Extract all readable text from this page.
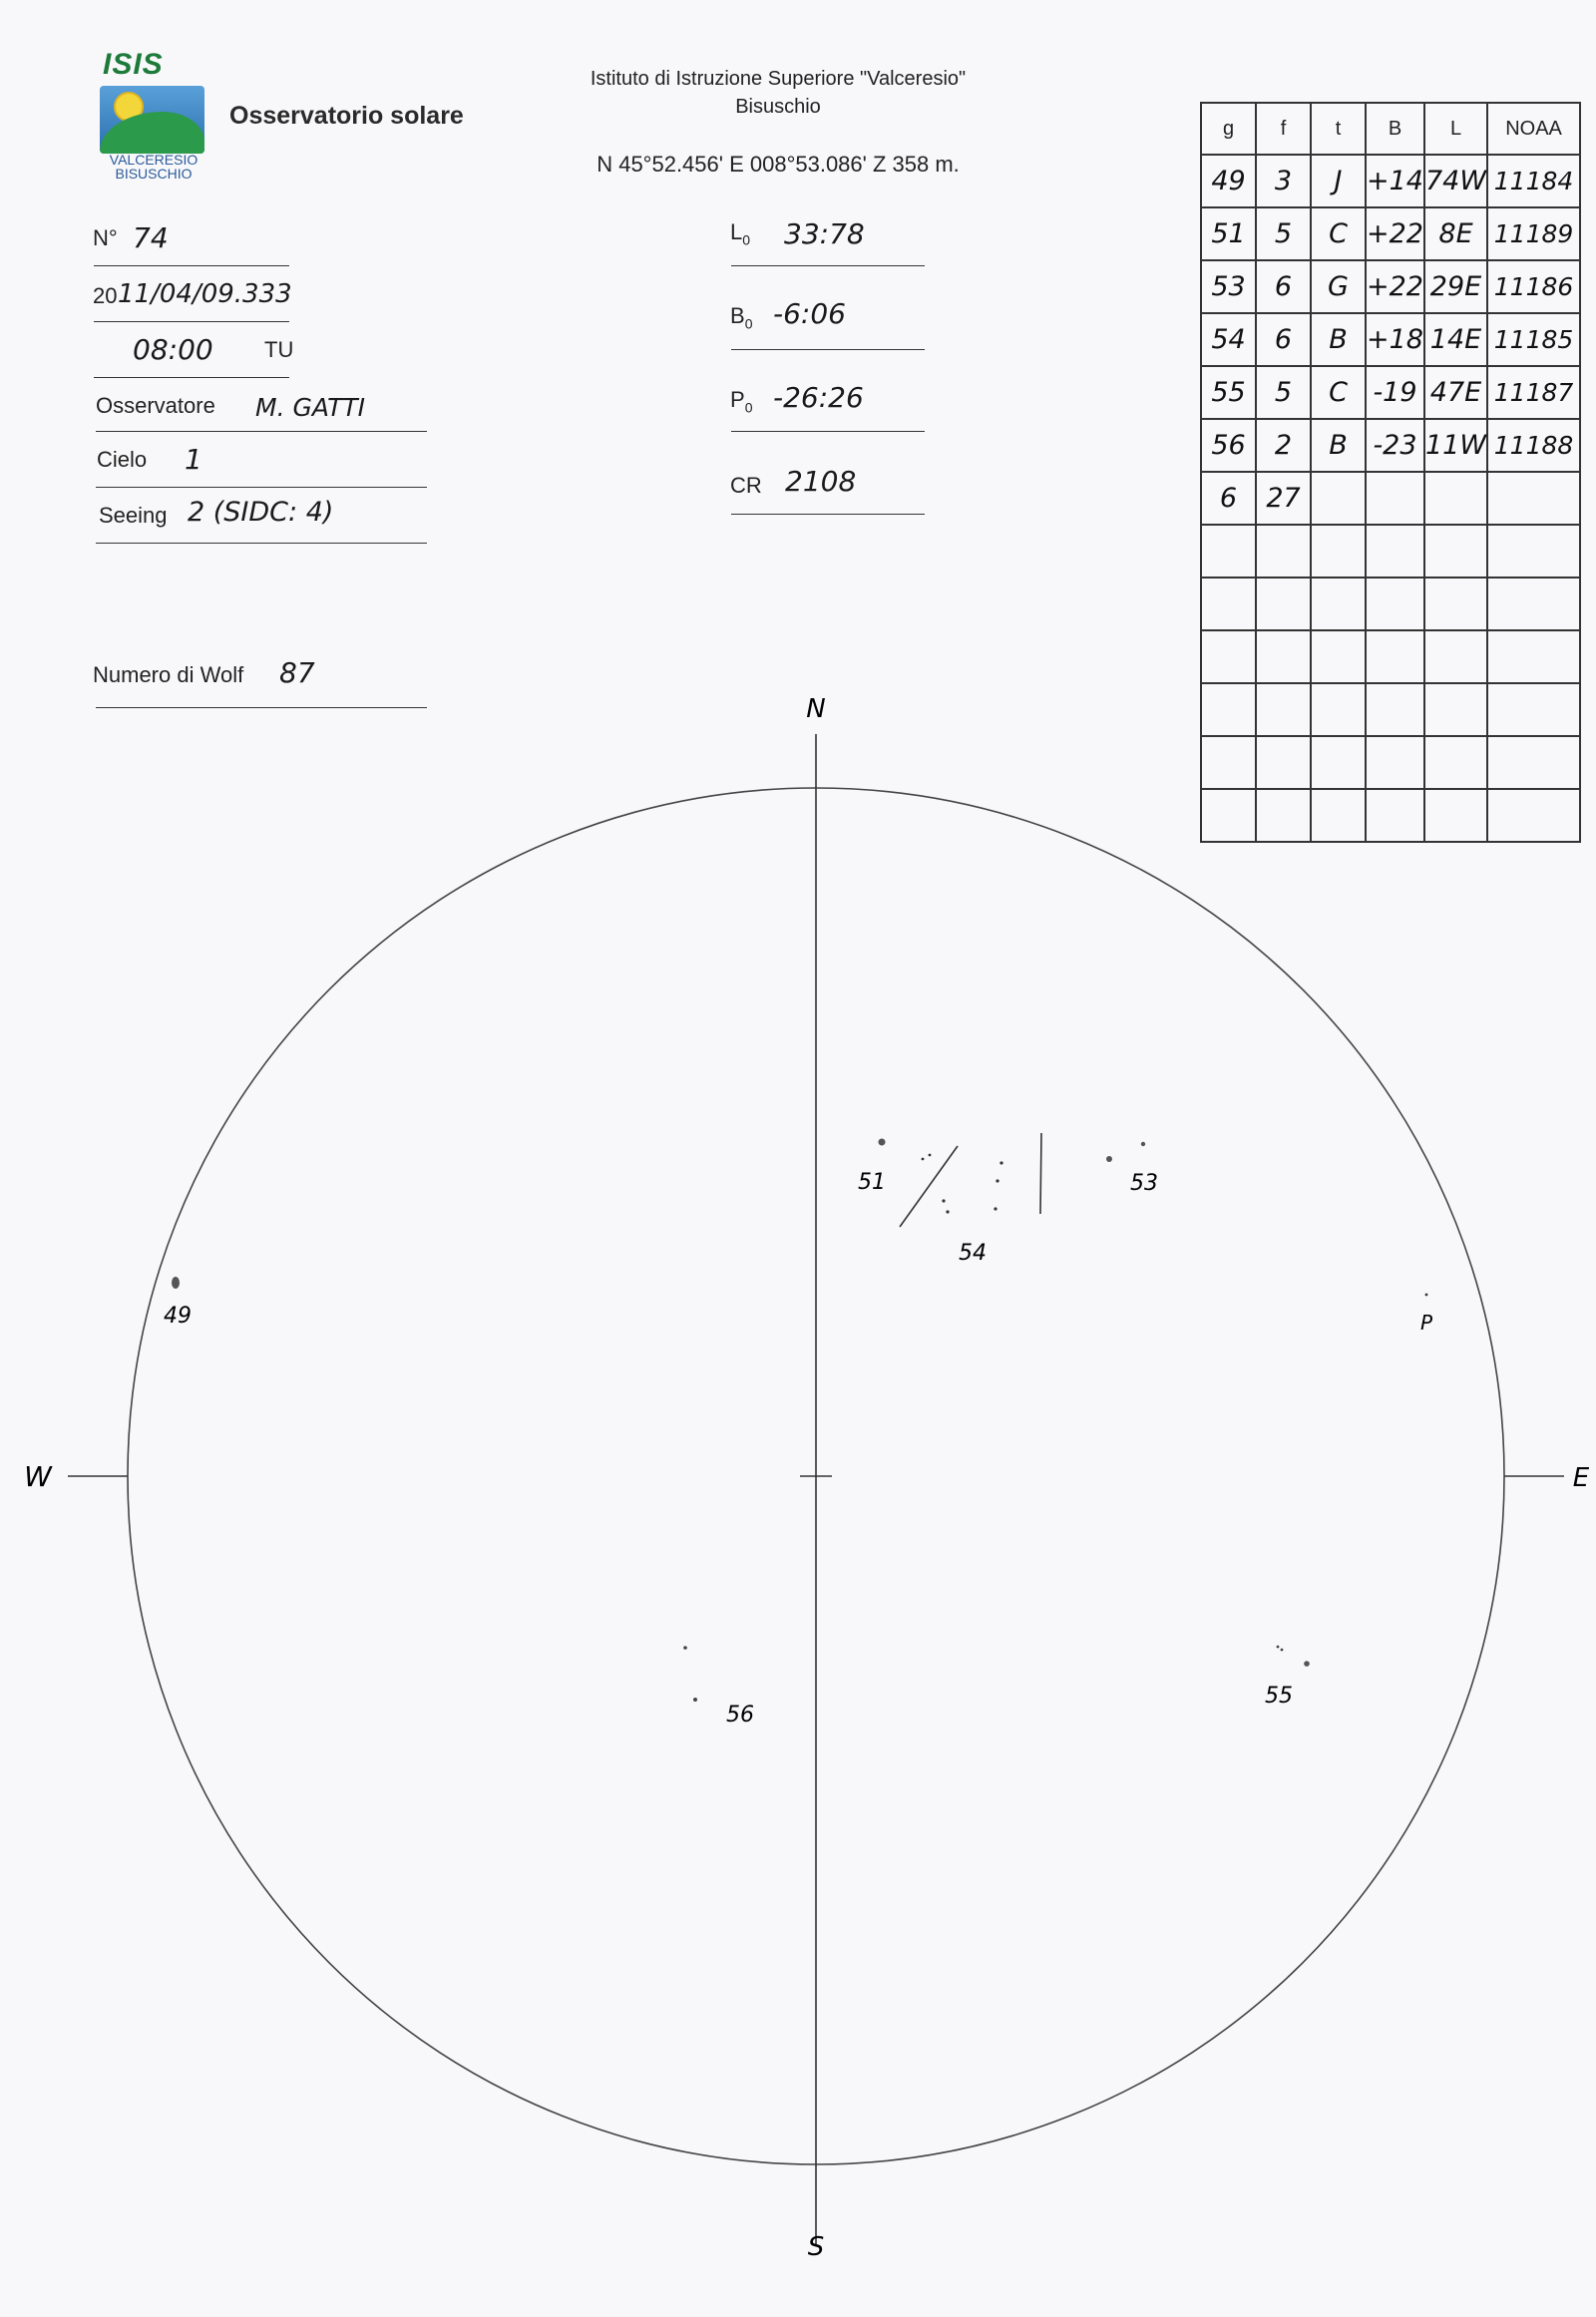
ISIS
VALCERESIO
BISUSCHIO
Osservatorio solare
Istituto di Istruzione Superiore "Valceresio"
Bisuschio
N 45°52.456' E 008°53.086' Z 358 m.
N° 74
20 11/04/09.333
08:00 TU
Osservatore M. GATTI
Cielo 1
Seeing 2 (SIDC: 4)
Numero di Wolf 87
$L_0$ 33:78
$B_0$ -6:06
$P_0$ -26:26
CR 2108
g	f	t	B	L	NOAA
49	3	J	+14	74W	11184
51	5	C	+22	8E	11189
53	6	G	+22	29E	11186
54	6	B	+18	14E	11185
55	5	C	-19	47E	11187
56	2	B	-23	11W	11188
6	27				

N
S
W	E
49
51
54
53
P
56
55
